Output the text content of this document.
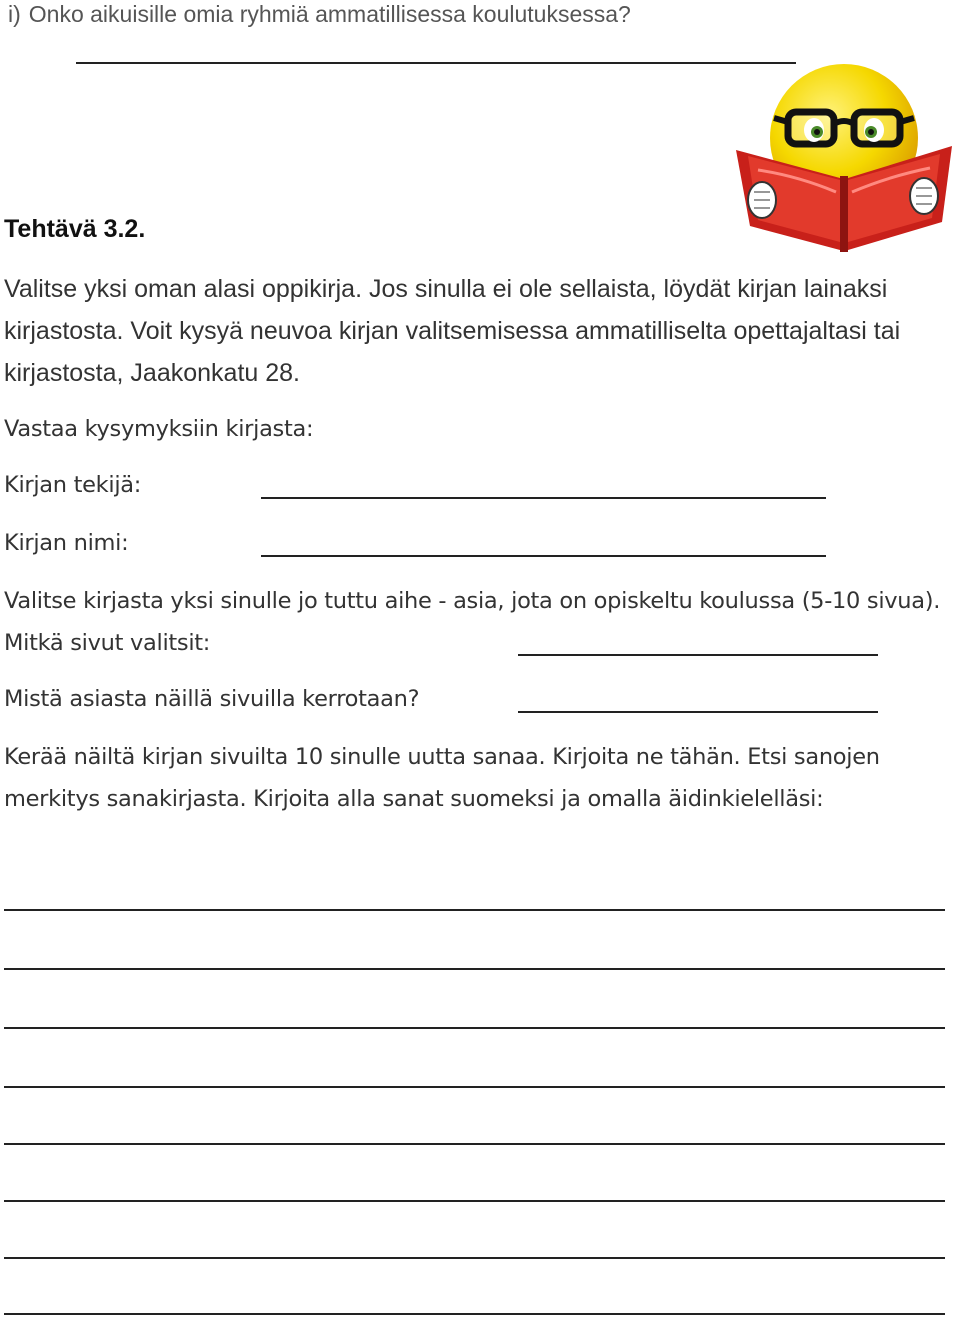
i) Onko aikuisille omia ryhmiä ammatillisessa koulutuksessa?
Tehtävä 3.2.

Valitse yksi oman alasi oppikirja. Jos sinulla ei ole sellaista, löydät kirjan lainaksi kirjastosta. Voit kysyä neuvoa kirjan valitsemisessa ammatilliselta opettajaltasi tai kirjastosta, Jaakonkatu 28.

Vastaa kysymyksiin kirjasta:
Kirjan tekijä:
Kirjan nimi:

Valitse kirjasta yksi sinulle jo tuttu aihe - asia, jota on opiskeltu koulussa (5-10 sivua). Mitkä sivut valitsit:

Mistä asiasta näillä sivuilla kerrotaan?

Kerää näiltä kirjan sivuilta 10 sinulle uutta sanaa. Kirjoita ne tähän. Etsi sanojen merkitys sanakirjasta. Kirjoita alla sanat suomeksi ja omalla äidinkielelläsi:
